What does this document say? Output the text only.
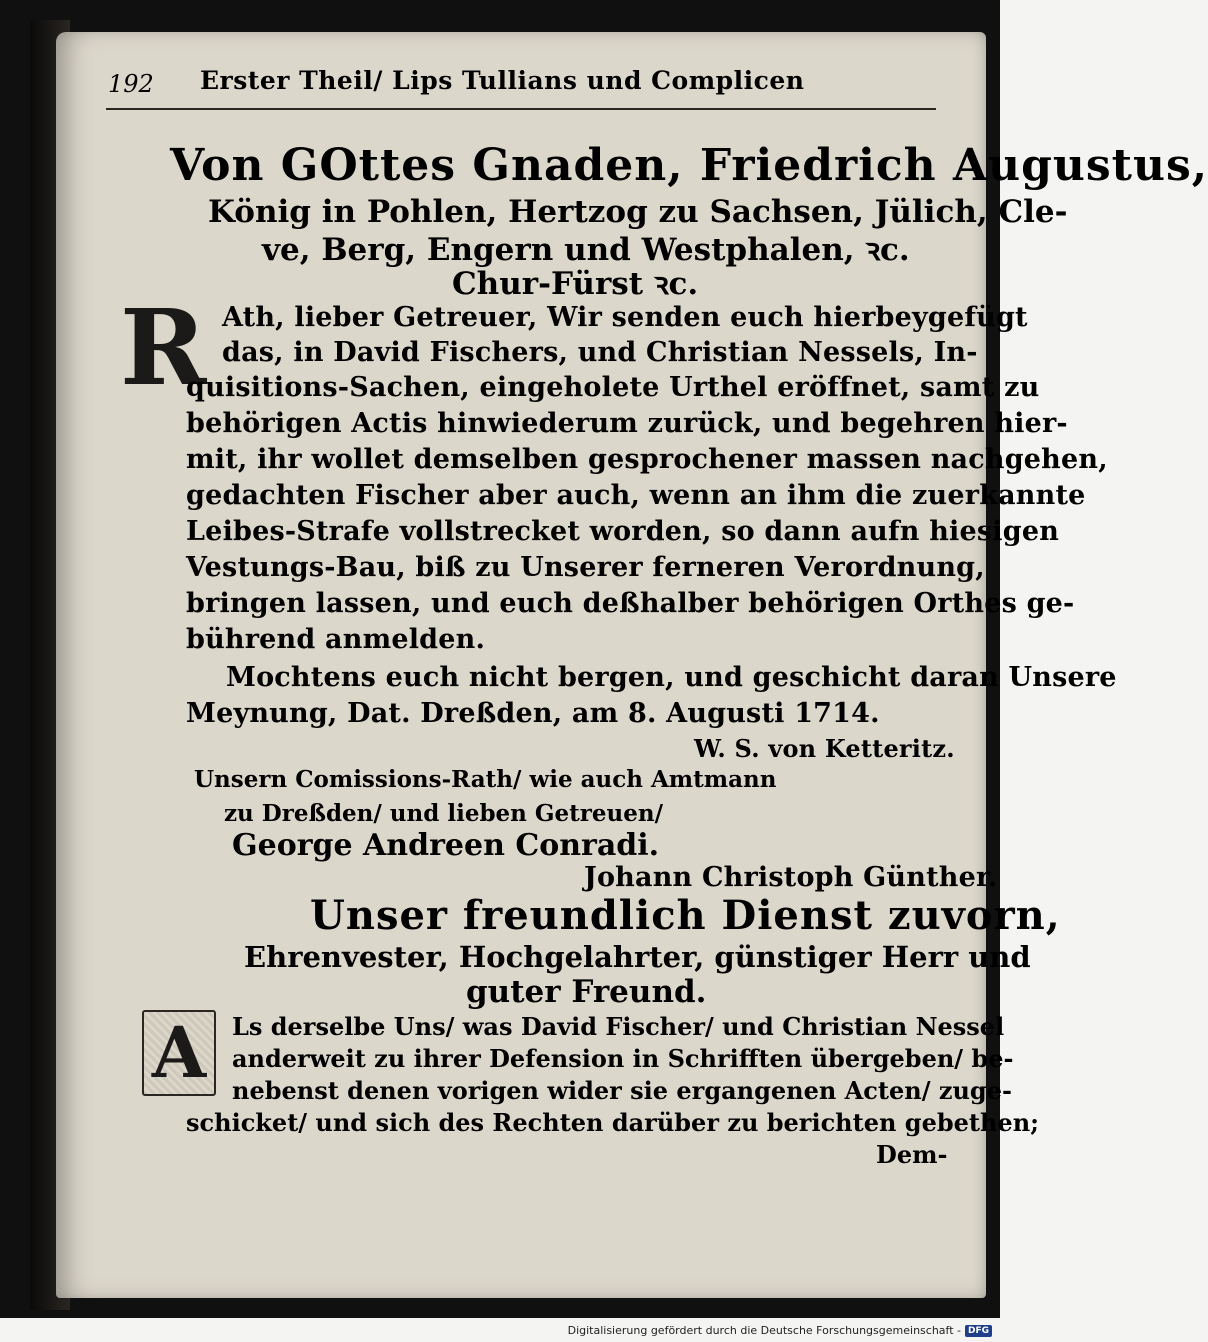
192 Erster Theil/ Lips Tullians und Complicen
Von GOttes Gnaden, Friedrich Augustus,
König in Pohlen, Hertzog zu Sachsen, Jülich, Cle-
ve, Berg, Engern und Westphalen, ꝛc.
Chur-Fürst ꝛc.
R Ath, lieber Getreuer, Wir senden euch hierbeygefügt
das, in David Fischers, und Christian Nessels, In-
quisitions-Sachen, eingeholete Urthel eröffnet, samt zu
behörigen Actis hinwiederum zurück, und begehren hier-
mit, ihr wollet demselben gesprochener massen nachgehen,
gedachten Fischer aber auch, wenn an ihm die zuerkannte
Leibes-Strafe vollstrecket worden, so dann aufn hiesigen
Vestungs-Bau, biß zu Unserer ferneren Verordnung,
bringen lassen, und euch deßhalber behörigen Orthes ge-
bührend anmelden.
Mochtens euch nicht bergen, und geschicht daran Unsere
Meynung, Dat. Dreßden, am 8. Augusti 1714.
W. S. von Ketteritz.
Unsern Comissions-Rath/ wie auch Amtmann
zu Dreßden/ und lieben Getreuen/
George Andreen Conradi.
Johann Christoph Günther.
Unser freundlich Dienst zuvorn,
Ehrenvester, Hochgelahrter, günstiger Herr und
guter Freund.
A	Ls derselbe Uns/ was David Fischer/ und Christian Nessel
anderweit zu ihrer Defension in Schrifften übergeben/ be-
nebenst denen vorigen wider sie ergangenen Acten/ zuge-
schicket/ und sich des Rechten darüber zu berichten gebethen;
Dem-
Digitalisierung gefördert durch die Deutsche Forschungsgemeinschaft - DFG
